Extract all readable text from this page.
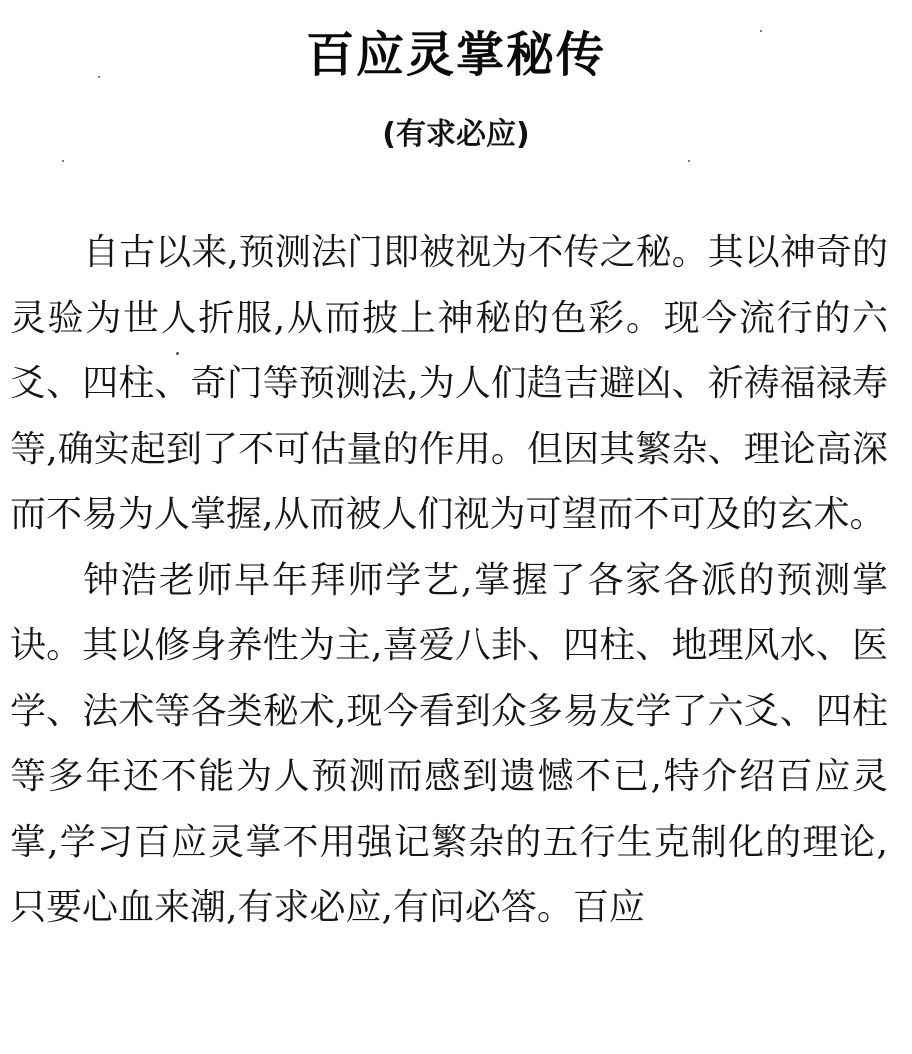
百应灵掌秘传
(有求必应)

自古以来,预测法门即被视为不传之秘。其以神奇的灵验为世人折服,从而披上神秘的色彩。现今流行的六爻、四柱、奇门等预测法,为人们趋吉避凶、祈祷福禄寿等,确实起到了不可估量的作用。但因其繁杂、理论高深而不易为人掌握,从而被人们视为可望而不可及的玄术。

钟浩老师早年拜师学艺,掌握了各家各派的预测掌诀。其以修身养性为主,喜爱八卦、四柱、地理风水、医学、法术等各类秘术,现今看到众多易友学了六爻、四柱等多年还不能为人预测而感到遗憾不已,特介绍百应灵掌,学习百应灵掌不用强记繁杂的五行生克制化的理论,只要心血来潮,有求必应,有问必答。百应
